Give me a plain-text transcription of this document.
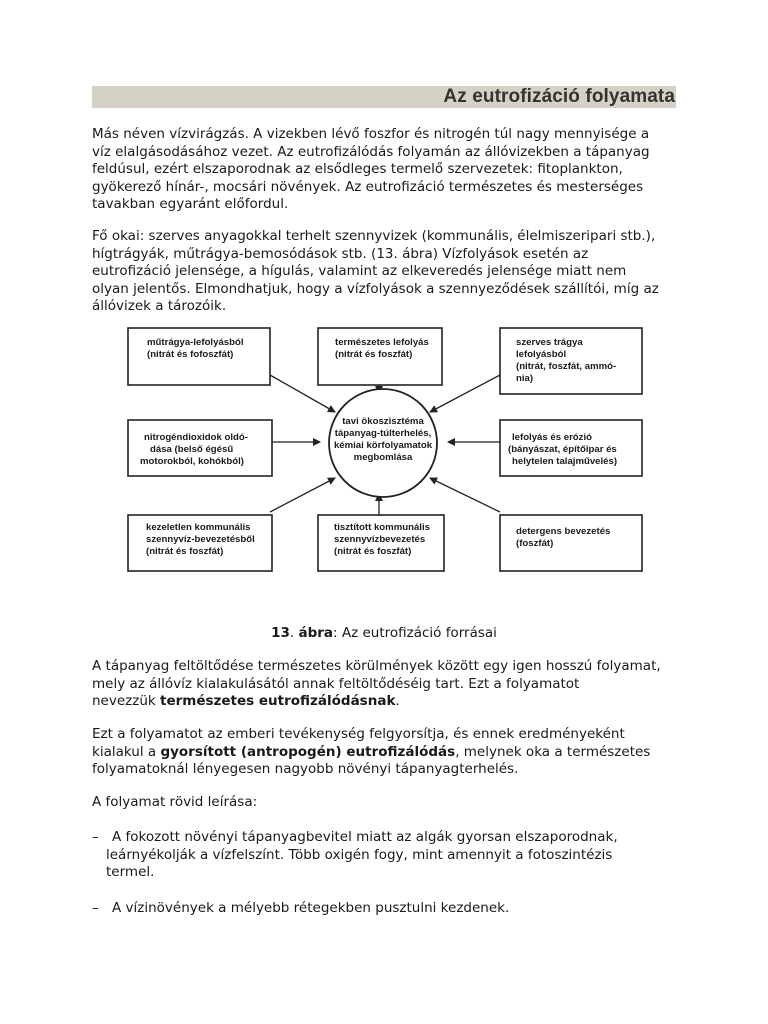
Az eutrofizáció folyamata

Más néven vízvirágzás. A vizekben lévő foszfor és nitrogén túl nagy mennyisége a
víz elalgásodásához vezet. Az eutrofizálódás folyamán az állóvizekben a tápanyag
feldúsul, ezért elszaporodnak az elsődleges termelő szervezetek: fitoplankton,
gyökerező hínár-, mocsári növények. Az eutrofizáció természetes és mesterséges
tavakban egyaránt előfordul.

Fő okai: szerves anyagokkal terhelt szennyvizek (kommunális, élelmiszeripari stb.),
hígtrágyák, műtrágya-bemosódások stb. (13. ábra) Vízfolyások esetén az
eutrofizáció jelensége, a hígulás, valamint az elkeveredés jelensége miatt nem
olyan jelentős. Elmondhatjuk, hogy a vízfolyások a szennyeződések szállítói, míg az
állóvizek a tározóik.

tavi ökoszisztéma
tápanyag-túlterhelés,
kémiai körfolyamatok
megbomlása
műtrágya-lefolyásból
(nitrát és fofoszfát)
természetes lefolyás
(nitrát és foszfát)
szerves trágya
lefolyásból
(nitrát, foszfát, ammó-
nia)
nitrogéndioxidok oldó-
dása (belső égésű
motorokból, kohókból)
lefolyás és erózió
(bányászat, építőipar és
helytelen talajművelés)
kezeletlen kommunális
szennyvíz-bevezetésből
(nitrát és foszfát)
tisztított kommunális
szennyvízbevezetés
(nitrát és foszfát)
detergens bevezetés
(foszfát)
13. ábra: Az eutrofizáció forrásai

A tápanyag feltöltődése természetes körülmények között egy igen hosszú folyamat,
mely az állóvíz kialakulásától annak feltöltődéséig tart. Ezt a folyamatot
nevezzük természetes eutrofizálódásnak.

Ezt a folyamatot az emberi tevékenység felgyorsítja, és ennek eredményeként
kialakul a gyorsított (antropogén) eutrofizálódás, melynek oka a természetes
folyamatoknál lényegesen nagyobb növényi tápanyagterhelés.

A folyamat rövid leírása:

– A fokozott növényi tápanyagbevitel miatt az algák gyorsan elszaporodnak,
leárnyékolják a vízfelszínt. Több oxigén fogy, mint amennyit a fotoszintézis
termel.
– A vízinövények a mélyebb rétegekben pusztulni kezdenek.
